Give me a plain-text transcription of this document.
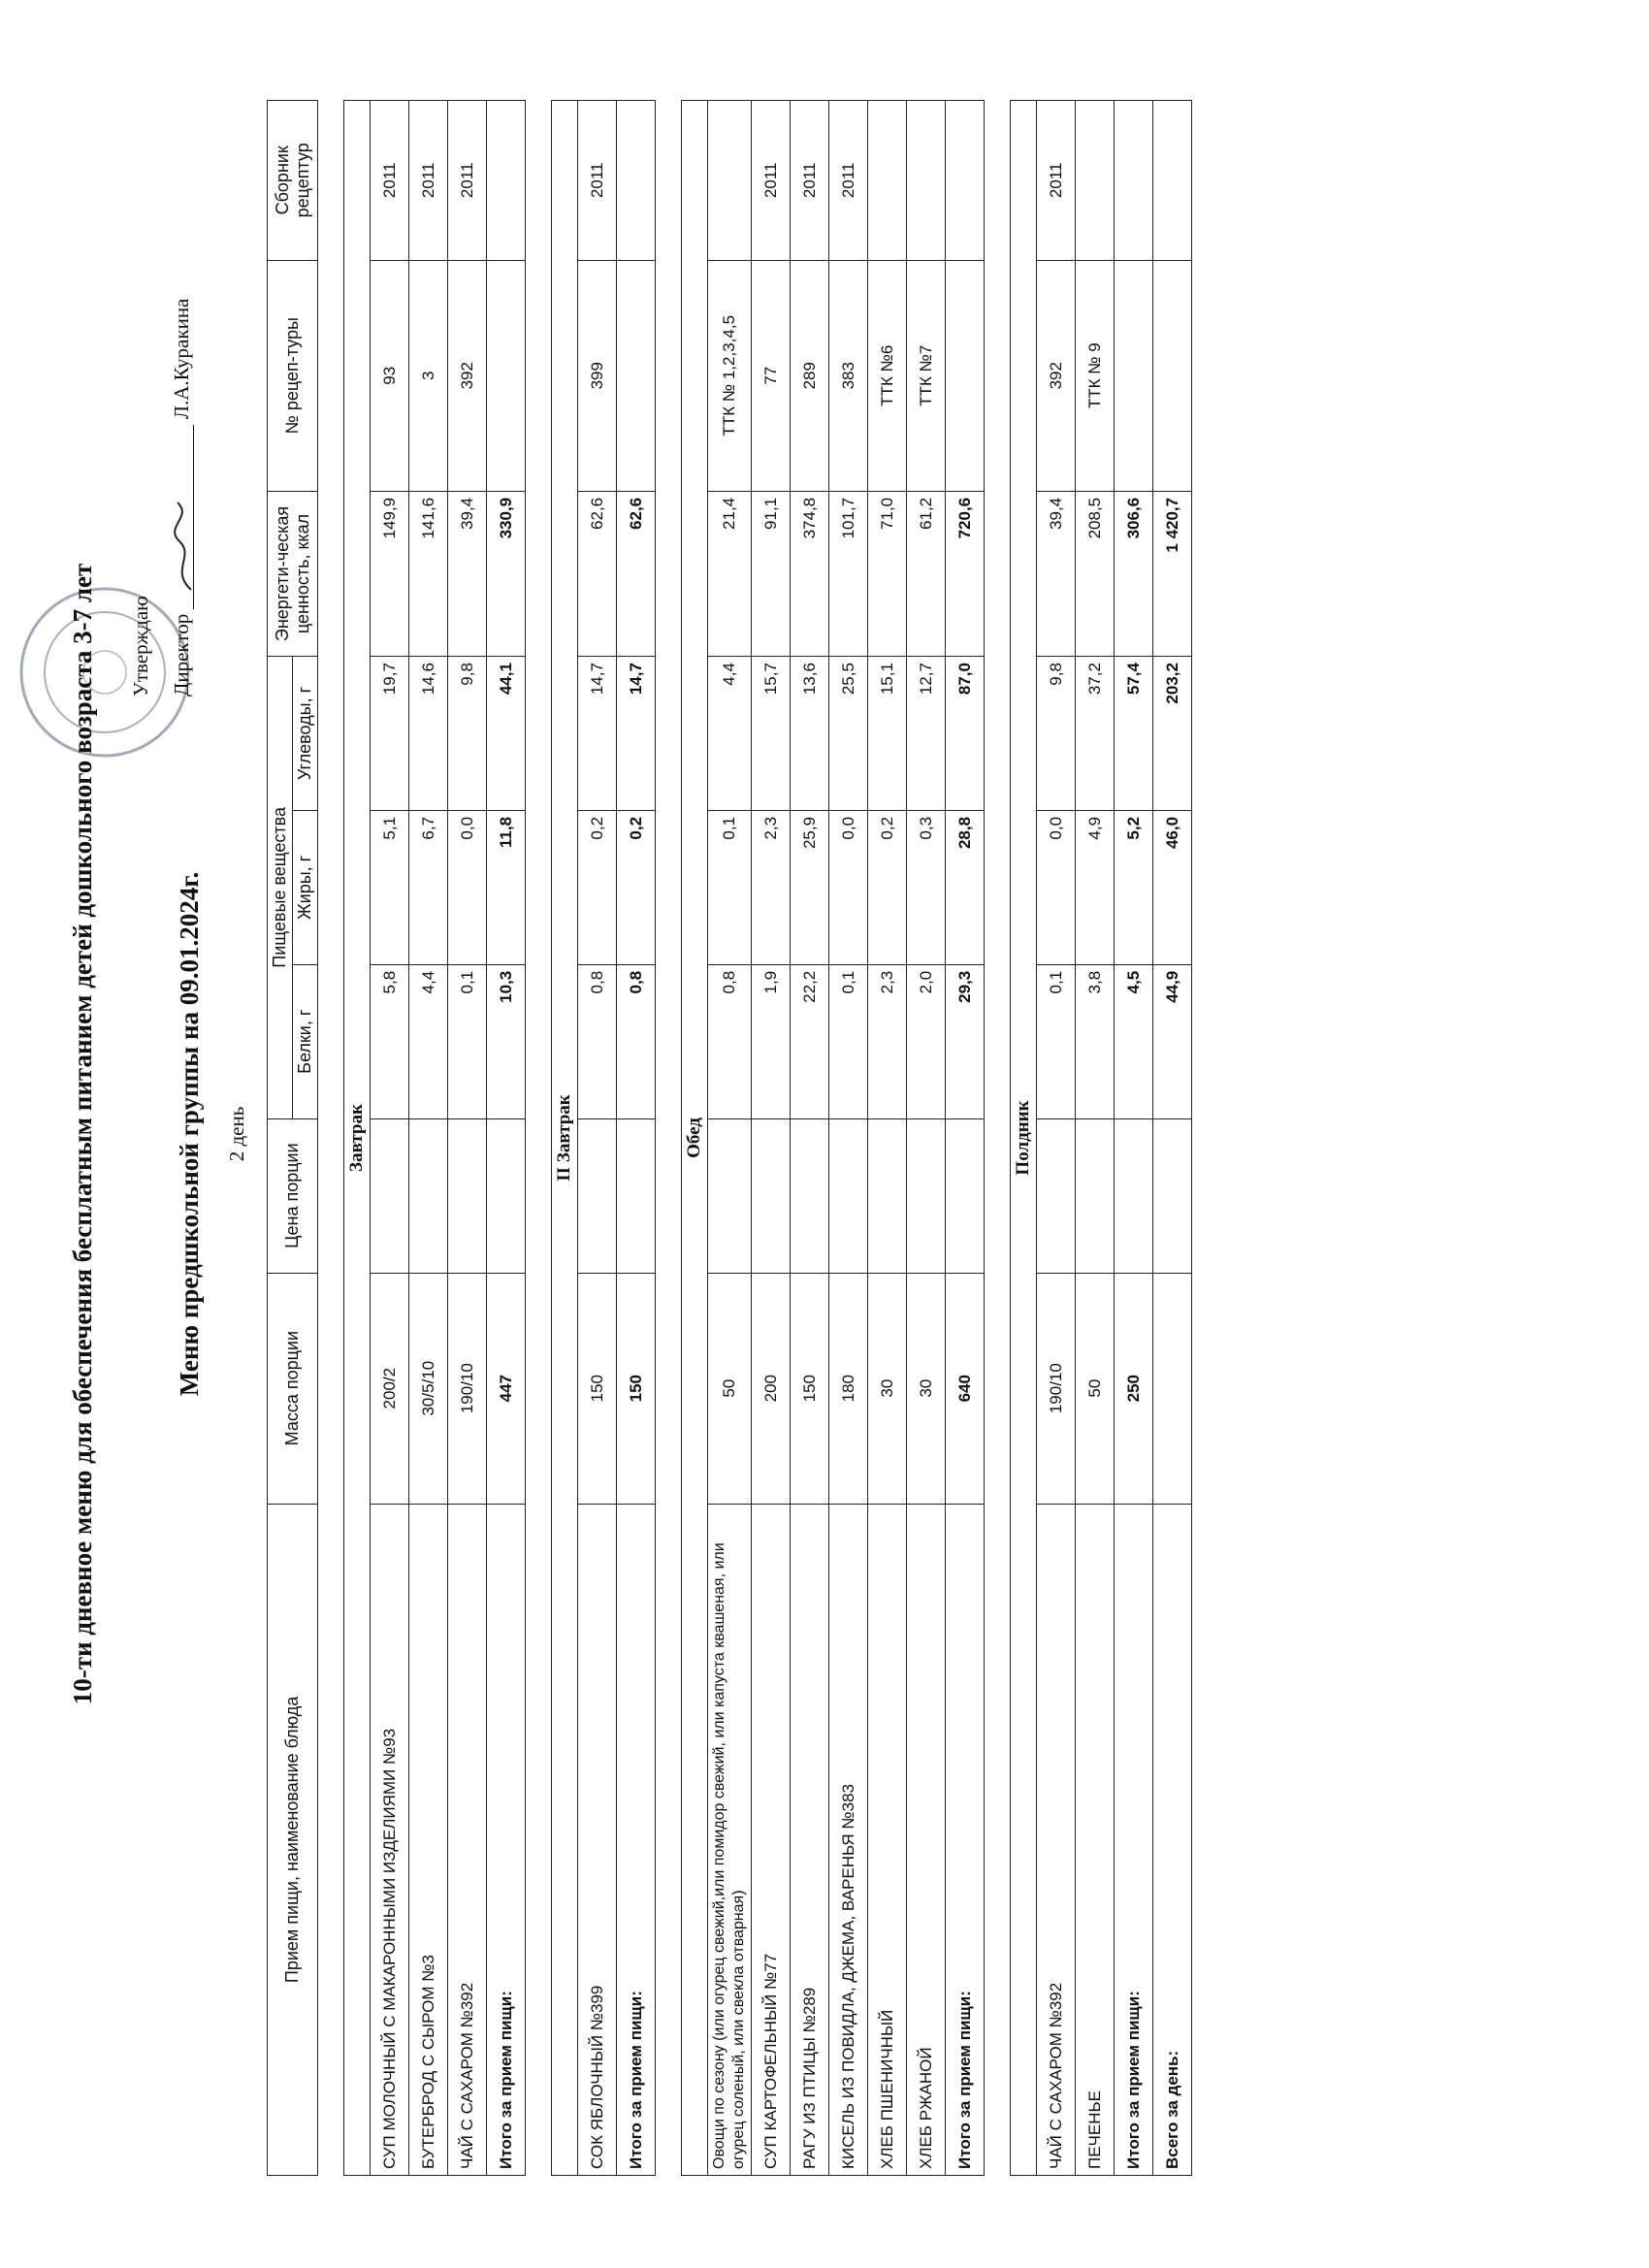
10-ти дневное меню для обеспечения бесплатным питанием детей дошкольного возраста 3-7 лет Утверждаю Директор  Л.А.Куракина
Меню предшкольной группы на 09.01.2024г. 2 день
Прием пищи, наименование блюда	Масса порции	Цена порции	Пищевые вещества			Энергети-ческая ценность, ккал	№ рецеп-туры	Сборник рецептур
			Белки, г	Жиры, г	Углеводы, г			

Завтрак								
СУП МОЛОЧНЫЙ С МАКАРОННЫМИ ИЗДЕЛИЯМИ №93	200/2		5,8	5,1	19,7	149,9	93	2011
БУТЕРБРОД С СЫРОМ №3	30/5/10		4,4	6,7	14,6	141,6	3	2011
ЧАЙ С САХАРОМ №392	190/10		0,1	0,0	9,8	39,4	392	2011
Итого за прием пищи:	447		10,3	11,8	44,1	330,9		

II Завтрак								
СОК ЯБЛОЧНЫЙ №399	150		0,8	0,2	14,7	62,6	399	2011
Итого за прием пищи:	150		0,8	0,2	14,7	62,6		

Обед								
Овощи по сезону (или огурец свежий,или помидор свежий, или капуста квашеная, или огурец соленый, или свекла отварная)	50		0,8	0,1	4,4	21,4	ТТК № 1,2,3,4,5	
СУП КАРТОФЕЛЬНЫЙ №77	200		1,9	2,3	15,7	91,1	77	2011
РАГУ ИЗ ПТИЦЫ №289	150		22,2	25,9	13,6	374,8	289	2011
КИСЕЛЬ ИЗ ПОВИДЛА, ДЖЕМА, ВАРЕНЬЯ №383	180		0,1	0,0	25,5	101,7	383	2011
ХЛЕБ ПШЕНИЧНЫЙ	30		2,3	0,2	15,1	71,0	ТТК №6	
ХЛЕБ РЖАНОЙ	30		2,0	0,3	12,7	61,2	ТТК №7	
Итого за прием пищи:	640		29,3	28,8	87,0	720,6		

Полдник								
ЧАЙ С САХАРОМ №392	190/10		0,1	0,0	9,8	39,4	392	2011
ПЕЧЕНЬЕ	50		3,8	4,9	37,2	208,5	ТТК № 9	
Итого за прием пищи:	250		4,5	5,2	57,4	306,6		
Всего за день:			44,9	46,0	203,2	1 420,7		
